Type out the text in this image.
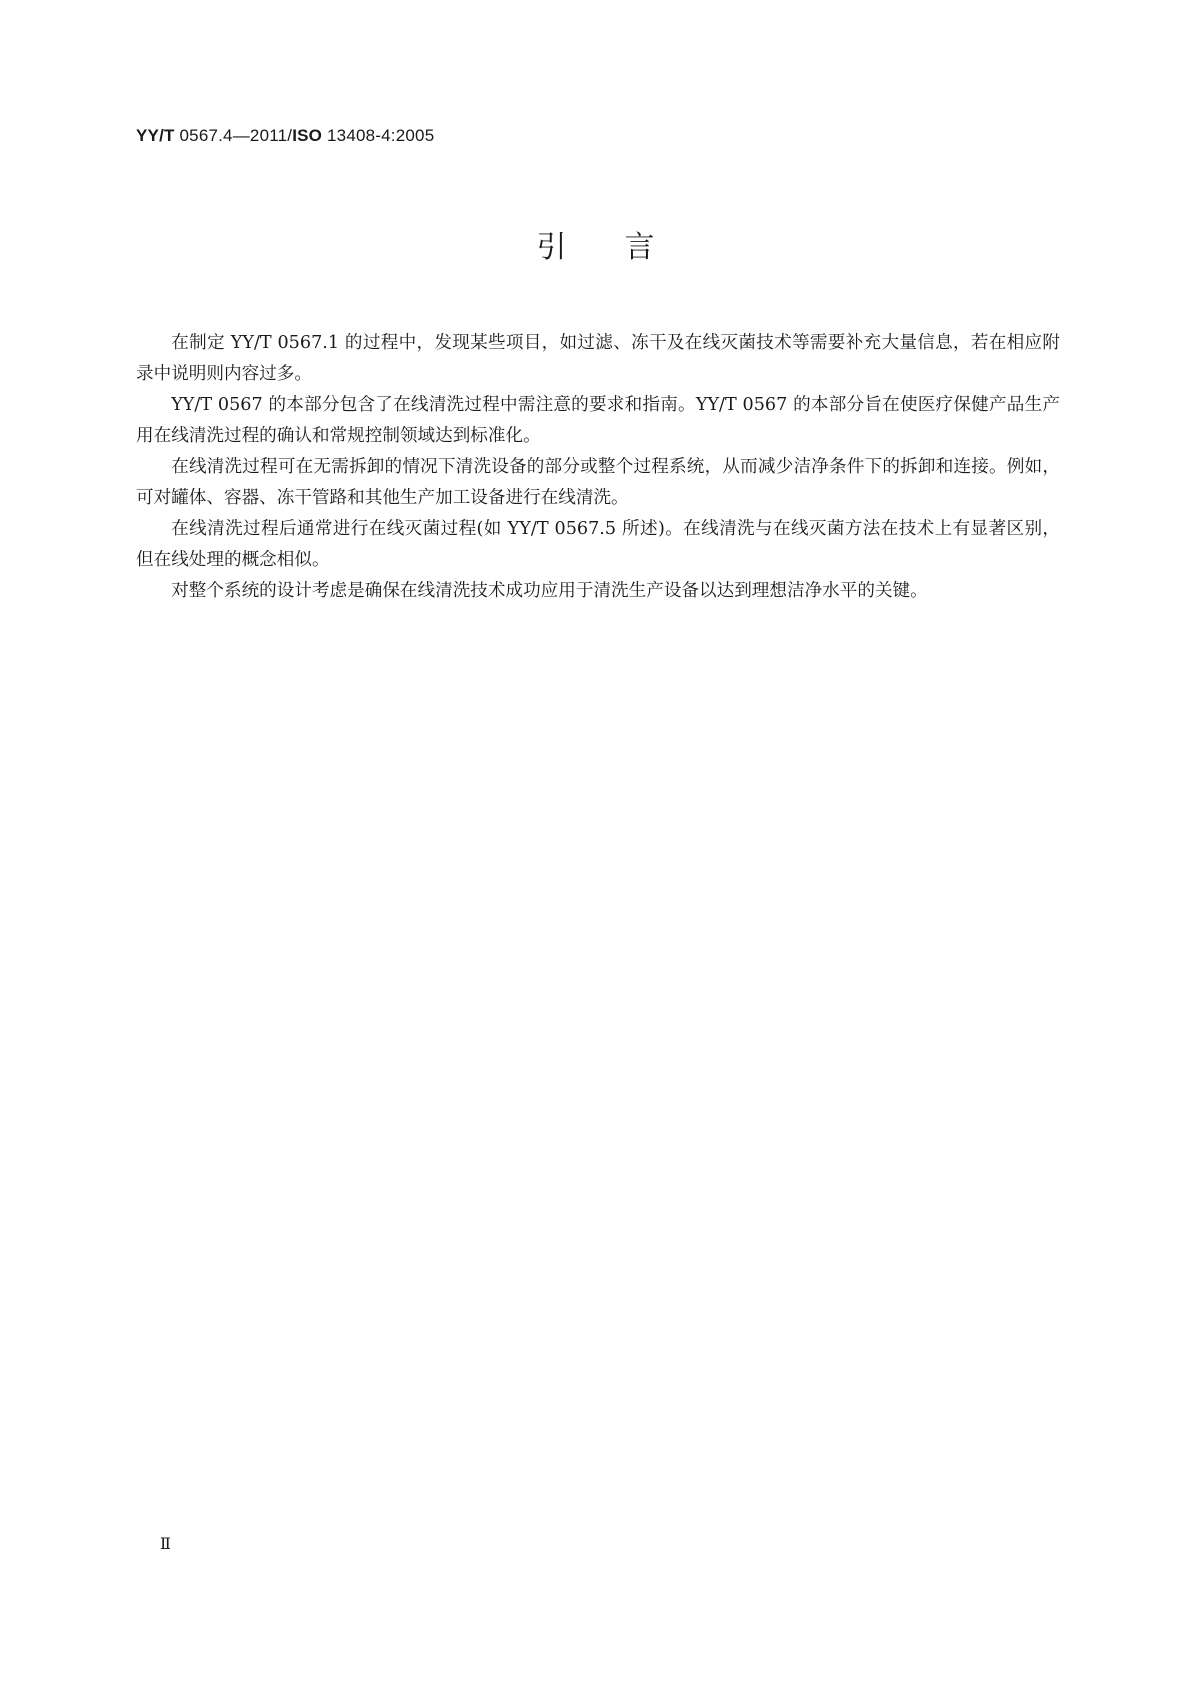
YY/T 0567.4—2011/ISO 13408-4:2005
引言

在制定 YY/T 0567.1 的过程中，发现某些项目，如过滤、冻干及在线灭菌技术等需要补充大量信息，若在相应附录中说明则内容过多。

YY/T 0567 的本部分包含了在线清洗过程中需注意的要求和指南。YY/T 0567 的本部分旨在使医疗保健产品生产用在线清洗过程的确认和常规控制领域达到标准化。

在线清洗过程可在无需拆卸的情况下清洗设备的部分或整个过程系统，从而减少洁净条件下的拆卸和连接。例如，可对罐体、容器、冻干管路和其他生产加工设备进行在线清洗。

在线清洗过程后通常进行在线灭菌过程(如 YY/T 0567.5 所述)。在线清洗与在线灭菌方法在技术上有显著区别，但在线处理的概念相似。

对整个系统的设计考虑是确保在线清洗技术成功应用于清洗生产设备以达到理想洁净水平的关键。

Ⅱ
